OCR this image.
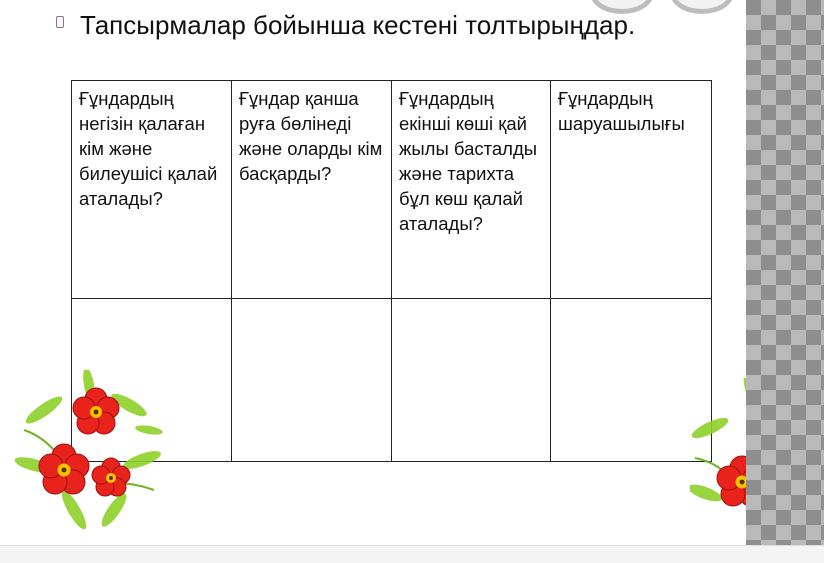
Тапсырмалар бойынша кестені толтырыңдар.
Ғұндардың негізін қалаған кім және билеушісі қалай аталады?	Ғұндар қанша руға бөлінеді және оларды кім басқарды?	Ғұндардың екінші көші қай жылы басталды және тарихта бұл көш қалай аталады?	Ғұндардың шаруашылығы
